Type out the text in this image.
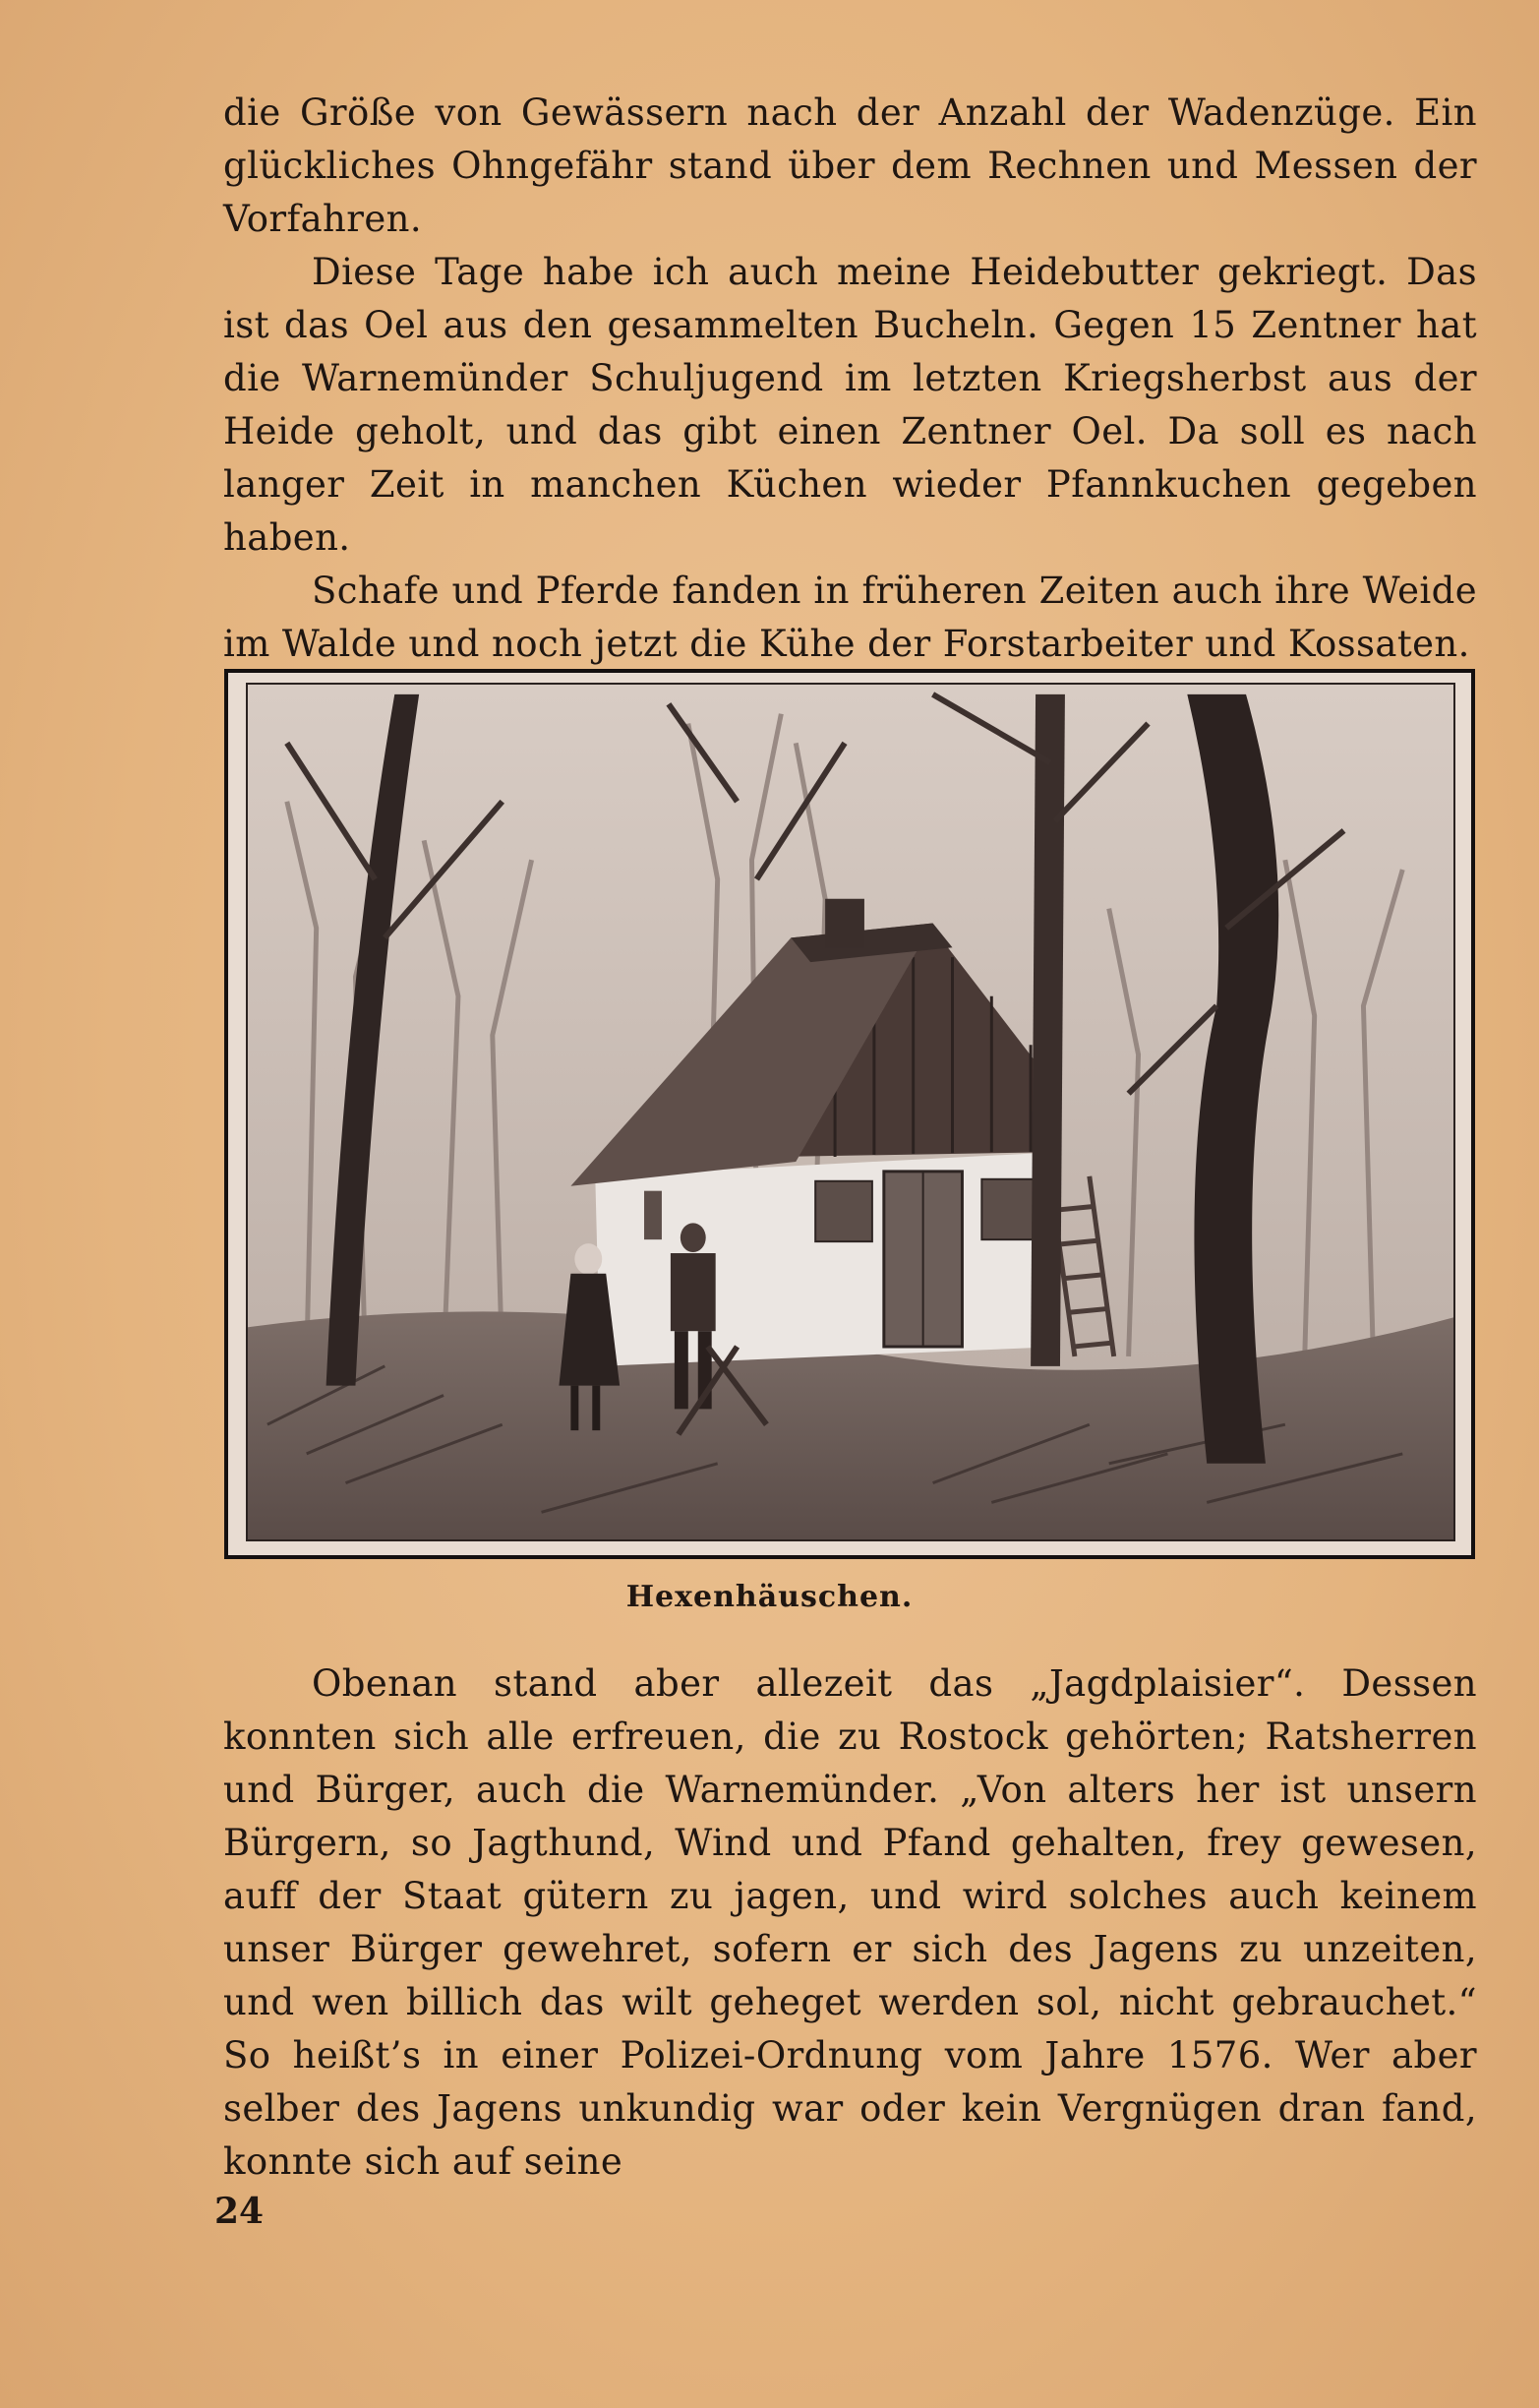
die Größe von Gewässern nach der Anzahl der Wadenzüge. Ein glückliches Ohngefähr stand über dem Rechnen und Messen der Vorfahren.

Diese Tage habe ich auch meine Heidebutter gekriegt. Das ist das Oel aus den gesammelten Bucheln. Gegen 15 Zentner hat die Warnemünder Schuljugend im letzten Kriegsherbst aus der Heide geholt, und das gibt einen Zentner Oel. Da soll es nach langer Zeit in manchen Küchen wieder Pfannkuchen gegeben haben.

Schafe und Pferde fanden in früheren Zeiten auch ihre Weide im Walde und noch jetzt die Kühe der Forstarbeiter und Kossaten.

Hexenhäuschen.

Obenan stand aber allezeit das „Jagdplaisier“. Dessen konnten sich alle erfreuen, die zu Rostock gehörten; Ratsherren und Bürger, auch die Warnemünder. „Von alters her ist unsern Bürgern, so Jagthund, Wind und Pfand gehalten, frey gewesen, auff der Staat gütern zu jagen, und wird solches auch keinem unser Bürger gewehret, sofern er sich des Jagens zu unzeiten, und wen billich das wilt geheget werden sol, nicht gebrauchet.“ So heißt’s in einer Polizei-Ordnung vom Jahre 1576. Wer aber selber des Jagens unkundig war oder kein Vergnügen dran fand, konnte sich auf seine

24
